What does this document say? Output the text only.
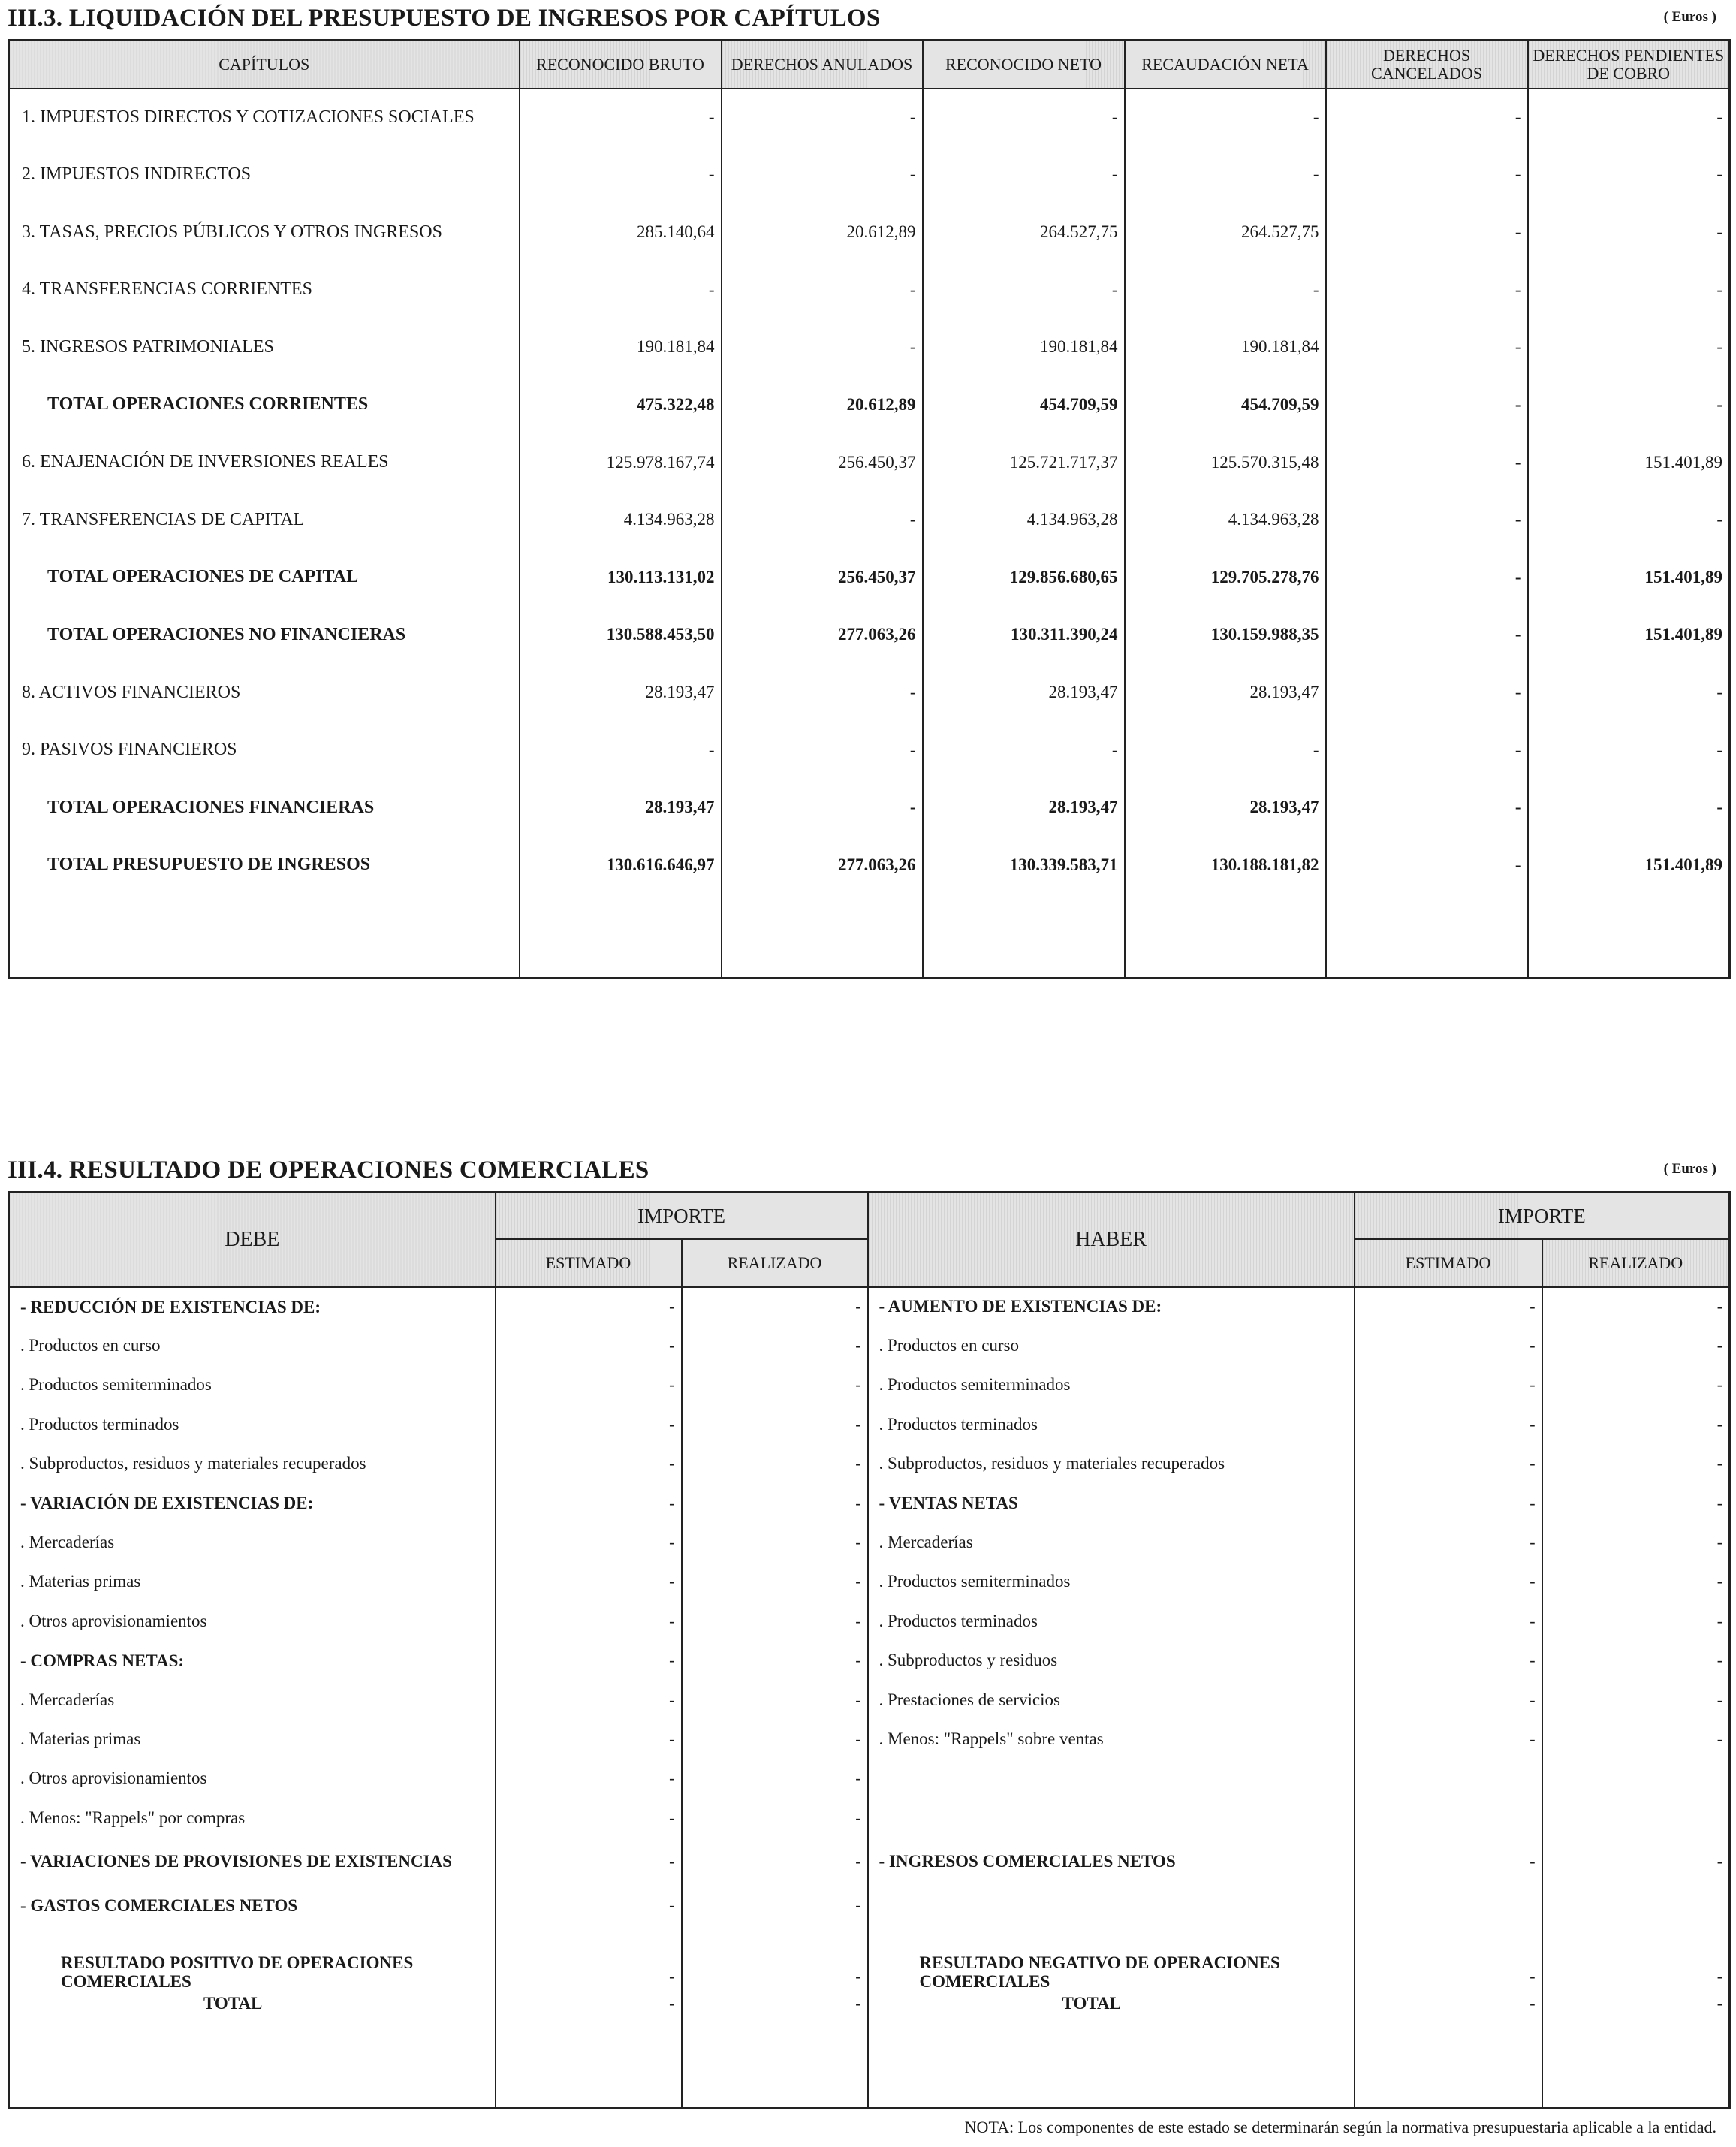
III.3. LIQUIDACIÓN DEL PRESUPUESTO DE INGRESOS POR CAPÍTULOS	( Euros )
CAPÍTULOS	RECONOCIDO BRUTO	DERECHOS ANULADOS	RECONOCIDO NETO	RECAUDACIÓN NETA	DERECHOS CANCELADOS	DERECHOS PENDIENTES DE COBRO
1. IMPUESTOS DIRECTOS Y COTIZACIONES SOCIALES	-	-	-	-	-	-
2. IMPUESTOS INDIRECTOS	-	-	-	-	-	-
3. TASAS, PRECIOS PÚBLICOS Y OTROS INGRESOS	285.140,64	20.612,89	264.527,75	264.527,75	-	-
4. TRANSFERENCIAS CORRIENTES	-	-	-	-	-	-
5. INGRESOS PATRIMONIALES	190.181,84	-	190.181,84	190.181,84	-	-
TOTAL OPERACIONES CORRIENTES	475.322,48	20.612,89	454.709,59	454.709,59	-	-
6. ENAJENACIÓN DE INVERSIONES REALES	125.978.167,74	256.450,37	125.721.717,37	125.570.315,48	-	151.401,89
7. TRANSFERENCIAS DE CAPITAL	4.134.963,28	-	4.134.963,28	4.134.963,28	-	-
TOTAL OPERACIONES DE CAPITAL	130.113.131,02	256.450,37	129.856.680,65	129.705.278,76	-	151.401,89
TOTAL OPERACIONES NO FINANCIERAS	130.588.453,50	277.063,26	130.311.390,24	130.159.988,35	-	151.401,89
8. ACTIVOS FINANCIEROS	28.193,47	-	28.193,47	28.193,47	-	-
9. PASIVOS FINANCIEROS	-	-	-	-	-	-
TOTAL OPERACIONES FINANCIERAS	28.193,47	-	28.193,47	28.193,47	-	-
TOTAL PRESUPUESTO DE INGRESOS	130.616.646,97	277.063,26	130.339.583,71	130.188.181,82	-	151.401,89

III.4. RESULTADO DE OPERACIONES COMERCIALES	( Euros )
DEBE	IMPORTE		HABER	IMPORTE	
	ESTIMADO	REALIZADO		ESTIMADO	REALIZADO
- REDUCCIÓN DE EXISTENCIAS DE:	-	-	- AUMENTO DE EXISTENCIAS DE:	-	-
. Productos en curso	-	-	. Productos en curso	-	-
. Productos semiterminados	-	-	. Productos semiterminados	-	-
. Productos terminados	-	-	. Productos terminados	-	-
. Subproductos, residuos y materiales recuperados	-	-	. Subproductos, residuos y materiales recuperados	-	-
- VARIACIÓN DE EXISTENCIAS DE:	-	-	- VENTAS NETAS	-	-
. Mercaderías	-	-	. Mercaderías	-	-
. Materias primas	-	-	. Productos semiterminados	-	-
. Otros aprovisionamientos	-	-	. Productos terminados	-	-
- COMPRAS NETAS:	-	-	. Subproductos y residuos	-	-
. Mercaderías	-	-	. Prestaciones de servicios	-	-
. Materias primas	-	-	. Menos: "Rappels" sobre ventas	-	-
. Otros aprovisionamientos	-	-			
. Menos: "Rappels" por compras	-	-			
- VARIACIONES DE PROVISIONES DE EXISTENCIAS	-	-	- INGRESOS COMERCIALES NETOS	-	-
- GASTOS COMERCIALES NETOS	-	-			
RESULTADO POSITIVO DE OPERACIONES COMERCIALES	-	-	RESULTADO NEGATIVO DE OPERACIONES COMERCIALES	-	-
TOTAL	-	-	TOTAL	-	-

NOTA: Los componentes de este estado se determinarán según la normativa presupuestaria aplicable a la entidad.
